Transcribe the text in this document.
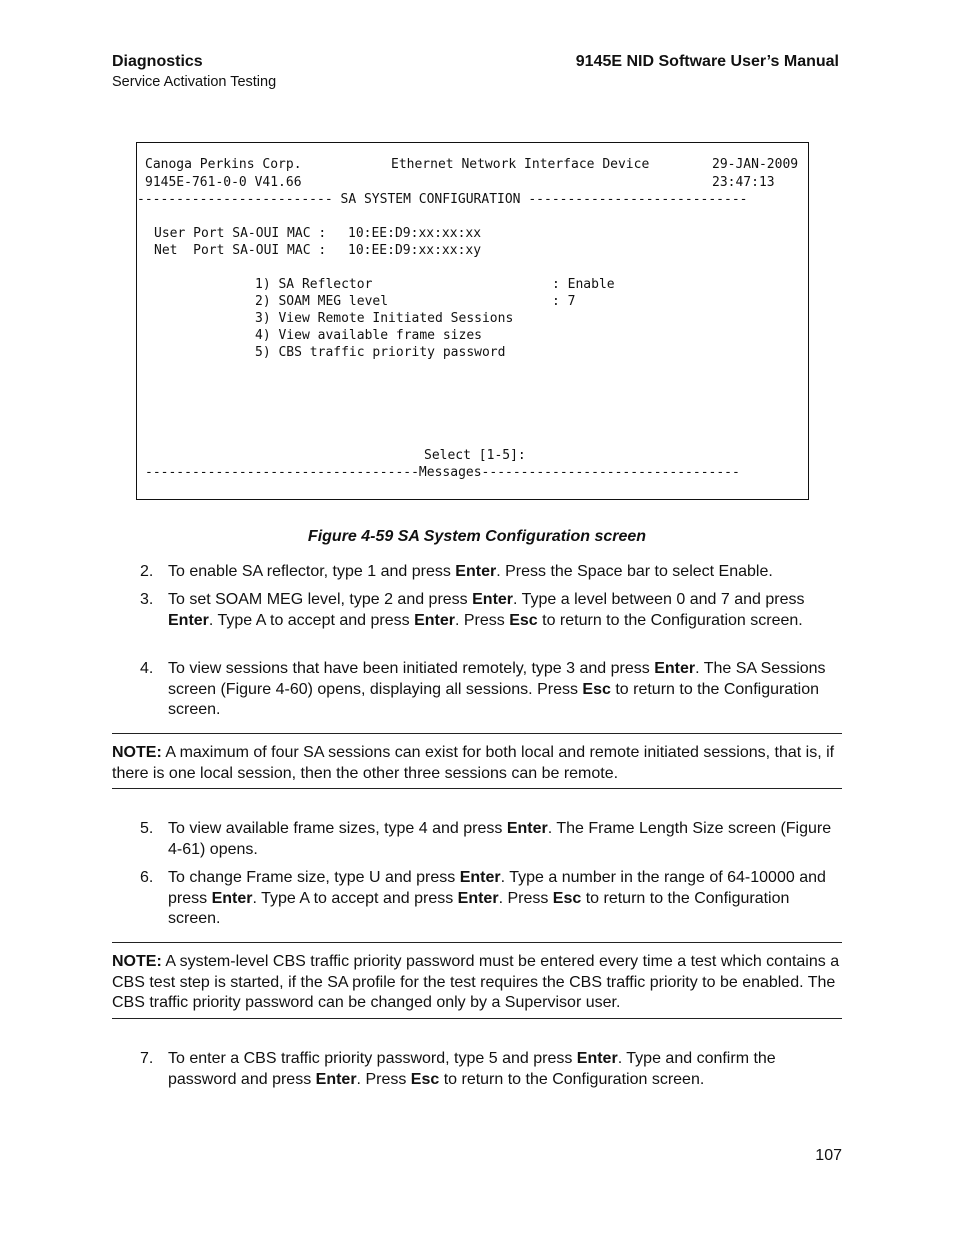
Diagnostics
Service Activation Testing
9145E NID Software User’s Manual
Canoga Perkins Corp.	Ethernet Network Interface Device	29-JAN-2009
9145E-761-0-0 V41.66	23:47:13
------------------------- SA SYSTEM CONFIGURATION ----------------------------
User Port SA-OUI MAC : 10:EE:D9:xx:xx:xx
Net  Port SA-OUI MAC : 10:EE:D9:xx:xx:xy
1) SA Reflector	: Enable
2) SOAM MEG level	: 7
3) View Remote Initiated Sessions
4) View available frame sizes
5) CBS traffic priority password
Select [1-5]:
-----------------------------------Messages---------------------------------
Figure 4-59 SA System Configuration screen
2. To enable SA reflector, type 1 and press Enter. Press the Space bar to select Enable.
3. To set SOAM MEG level, type 2 and press Enter. Type a level between 0 and 7 and press Enter. Type A to accept and press Enter. Press Esc to return to the Configuration screen.
4. To view sessions that have been initiated remotely, type 3 and press Enter. The SA Sessions screen (Figure 4-60) opens, displaying all sessions. Press Esc to return to the Configuration screen.
NOTE: A maximum of four SA sessions can exist for both local and remote initiated sessions, that is, if there is one local session, then the other three sessions can be remote.
5. To view available frame sizes, type 4 and press Enter. The Frame Length Size screen (Figure 4-61) opens.
6. To change Frame size, type U and press Enter. Type a number in the range of 64-10000 and press Enter. Type A to accept and press Enter. Press Esc to return to the Configuration screen.
NOTE: A system-level CBS traffic priority password must be entered every time a test which contains a CBS test step is started, if the SA profile for the test requires the CBS traffic priority to be enabled. The CBS traffic priority password can be changed only by a Supervisor user.
7. To enter a CBS traffic priority password, type 5 and press Enter. Type and confirm the password and press Enter. Press Esc to return to the Configuration screen.
107
